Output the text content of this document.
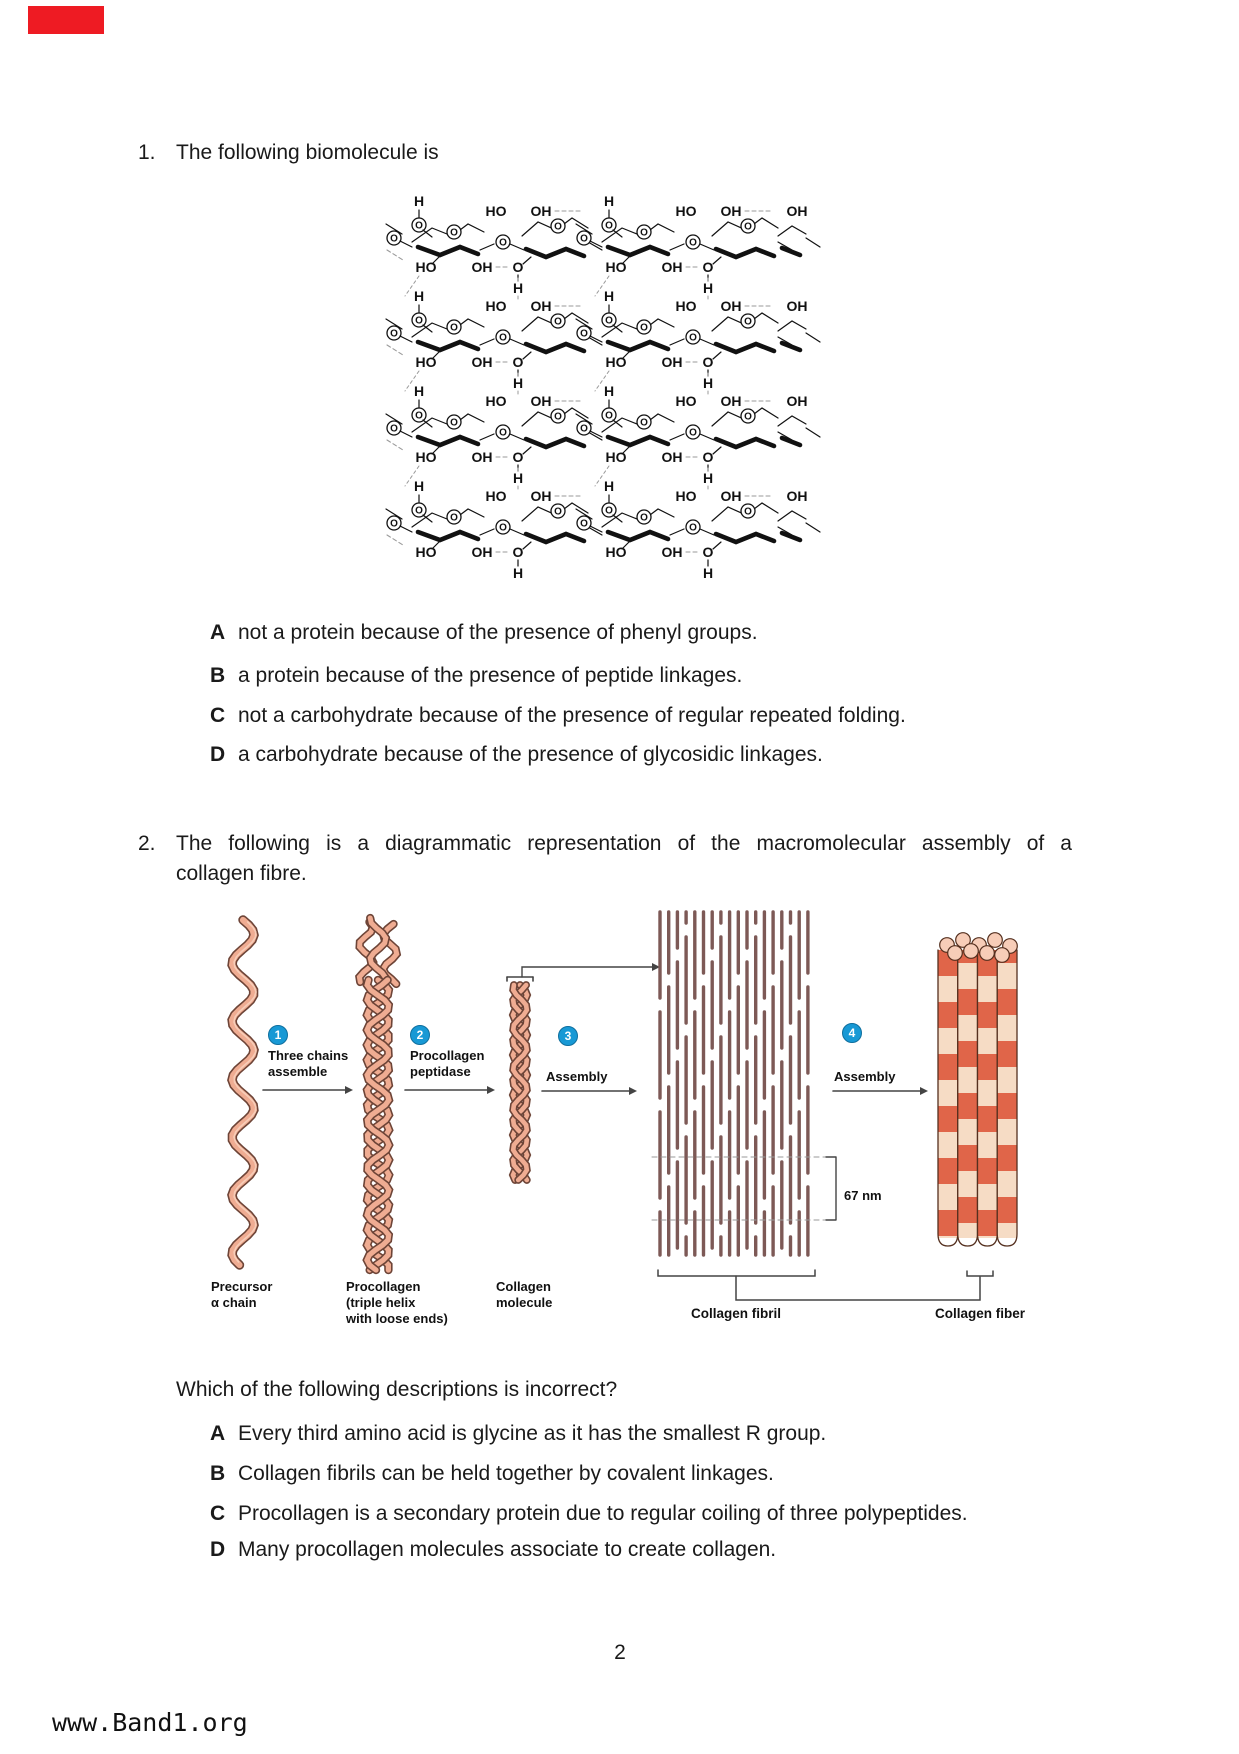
1. The following biomolecule is
H
O
O
O
O
O
HO OH
HO	OH O
H
H
O
O
O
O
O
HO OH
HO	OH O
H
OH
H
O
O
O
O
O
HO OH
HO	OH O
H
H
O
O
O
O
O
HO OH
HO	OH O
H
OH
H
O
O
O
O
O
HO OH
HO	OH O
H
H
O
O
O
O
O
HO OH
HO	OH O
H
OH
H
O
O
O
O
O
HO OH
HO	OH O
H
H
O
O
O
O
O
HO OH
HO	OH O
H
OH
A not a protein because of the presence of phenyl groups.
B a protein because of the presence of peptide linkages.
C not a carbohydrate because of the presence of regular repeated folding.
D a carbohydrate because of the presence of glycosidic linkages.
2. The following is a diagrammatic representation of the macromolecular assembly of a
collagen fibre.
1
Three chains
assemble
2
Procollagen
peptidase
3
Assembly
4
Assembly
67 nm
Collagen fibril	Collagen fiber
Precursor
α chain
Procollagen
(triple helix
with loose ends)
Collagen
molecule
Which of the following descriptions is incorrect?
A Every third amino acid is glycine as it has the smallest R group.
B Collagen fibrils can be held together by covalent linkages.
C Procollagen is a secondary protein due to regular coiling of three polypeptides.
D Many procollagen molecules associate to create collagen.
2
www.Band1.org
